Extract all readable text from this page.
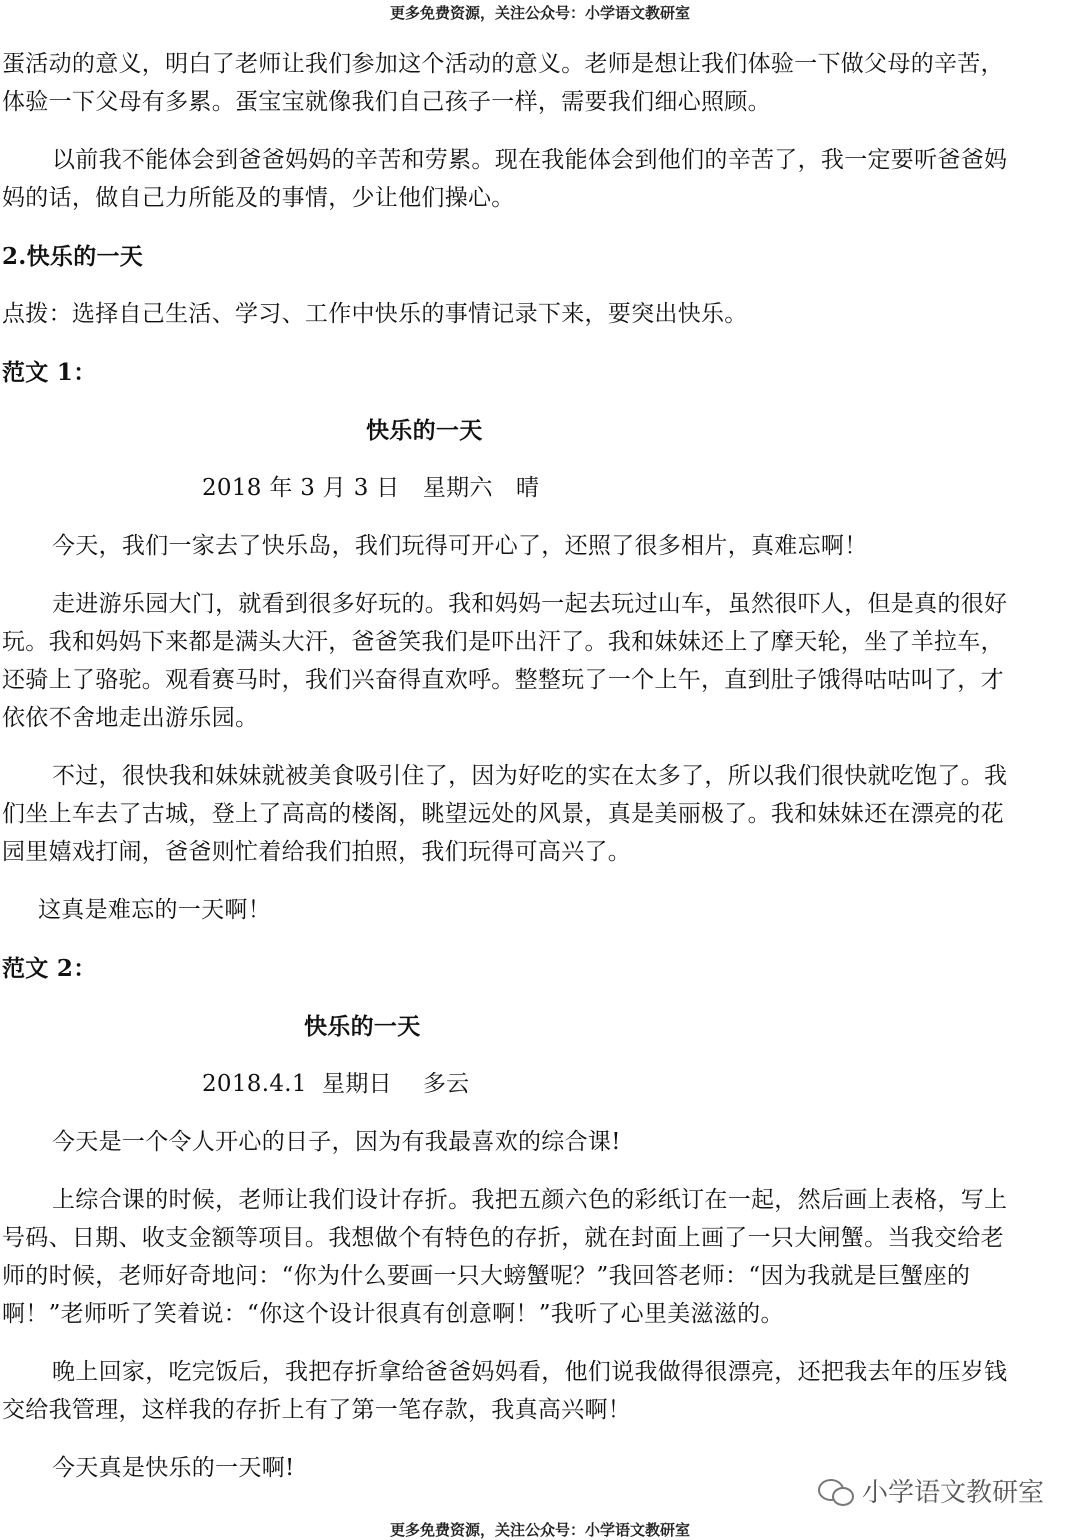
更多免费资源，关注公众号：小学语文教研室
蛋活动的意义，明白了老师让我们参加这个活动的意义。老师是想让我们体验一下做父母的辛苦，
体验一下父母有多累。蛋宝宝就像我们自己孩子一样，需要我们细心照顾。
以前我不能体会到爸爸妈妈的辛苦和劳累。现在我能体会到他们的辛苦了，我一定要听爸爸妈
妈的话，做自己力所能及的事情，少让他们操心。
2.快乐的一天
点拨：选择自己生活、学习、工作中快乐的事情记录下来，要突出快乐。
范文 1：
快乐的一天
2018 年 3 月 3 日　星期六　晴
今天，我们一家去了快乐岛，我们玩得可开心了，还照了很多相片，真难忘啊！
走进游乐园大门，就看到很多好玩的。我和妈妈一起去玩过山车，虽然很吓人，但是真的很好
玩。我和妈妈下来都是满头大汗，爸爸笑我们是吓出汗了。我和妹妹还上了摩天轮，坐了羊拉车，
还骑上了骆驼。观看赛马时，我们兴奋得直欢呼。整整玩了一个上午，直到肚子饿得咕咕叫了，才
依依不舍地走出游乐园。
不过，很快我和妹妹就被美食吸引住了，因为好吃的实在太多了，所以我们很快就吃饱了。我
们坐上车去了古城，登上了高高的楼阁，眺望远处的风景，真是美丽极了。我和妹妹还在漂亮的花
园里嬉戏打闹，爸爸则忙着给我们拍照，我们玩得可高兴了。
这真是难忘的一天啊！
范文 2：
快乐的一天
2018.4.1  星期日　 多云
今天是一个令人开心的日子，因为有我最喜欢的综合课!
上综合课的时候，老师让我们设计存折。我把五颜六色的彩纸订在一起，然后画上表格，写上
号码、日期、收支金额等项目。我想做个有特色的存折，就在封面上画了一只大闸蟹。当我交给老
师的时候，老师好奇地问：“你为什么要画一只大螃蟹呢？”我回答老师：“因为我就是巨蟹座的
啊！”老师听了笑着说：“你这个设计很真有创意啊！”我听了心里美滋滋的。
晚上回家，吃完饭后，我把存折拿给爸爸妈妈看，他们说我做得很漂亮，还把我去年的压岁钱
交给我管理，这样我的存折上有了第一笔存款，我真高兴啊！
今天真是快乐的一天啊!
小学语文教研室
更多免费资源，关注公众号：小学语文教研室
